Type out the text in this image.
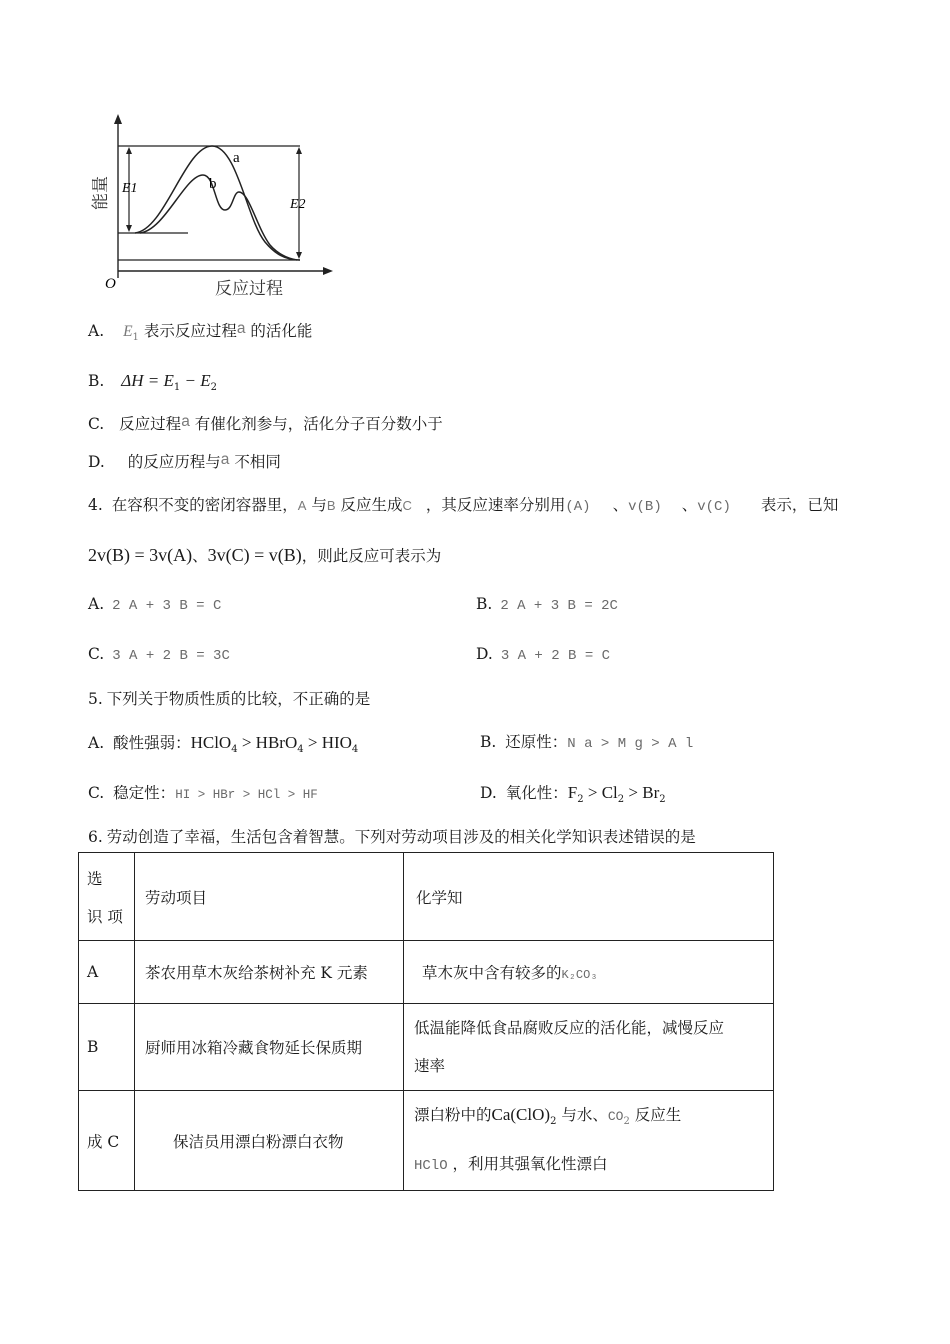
a
b
E1
E2
O	反应过程
能量
A. $E_1$ 表示反应过程a 的活化能
B. $\Delta H = E_1 - E_2$
C. 反应过程a 有催化剂参与，活化分子百分数小于
D. 的反应历程与a 不相同
4. 在容积不变的密闭容器里，A 与B 反应生成C ，其反应速率分别用(A) 、v(B) 、v(C) 表示，已知
2v(B) = 3v(A)、3v(C) = v(B)，则此反应可表示为
A. 2 A + 3 B = C	B. 2 A + 3 B = 2C
C. 3 A + 2 B = 3C	D. 3 A + 2 B = C
5. 下列关于物质性质的比较，不正确的是
A. 酸性强弱：HClO$_4$ > HBrO$_4$ > $HIO_4$	B. 还原性：N a > M g > A l
C. 稳定性：HI > HBr > HCl > HF	D. 氧化性：$F_2 > Cl_2 > Br_2$
6. 劳动创造了幸福，生活包含着智慧。下列对劳动项目涉及的相关化学知识表述错误的是
选
识 项	劳动项目	化学知
A	茶农用草木灰给茶树补充 K 元素	草木灰中含有较多的K₂CO₃
B	厨师用冰箱冷藏食物延长保质期	低温能降低食品腐败反应的活化能，减慢反应
速率

成 C	保洁员用漂白粉漂白衣物	漂白粉中的$Ca(ClO)_2$ 与水、$CO_2$ 反应生
HClO ，利用其强氧化性漂白
